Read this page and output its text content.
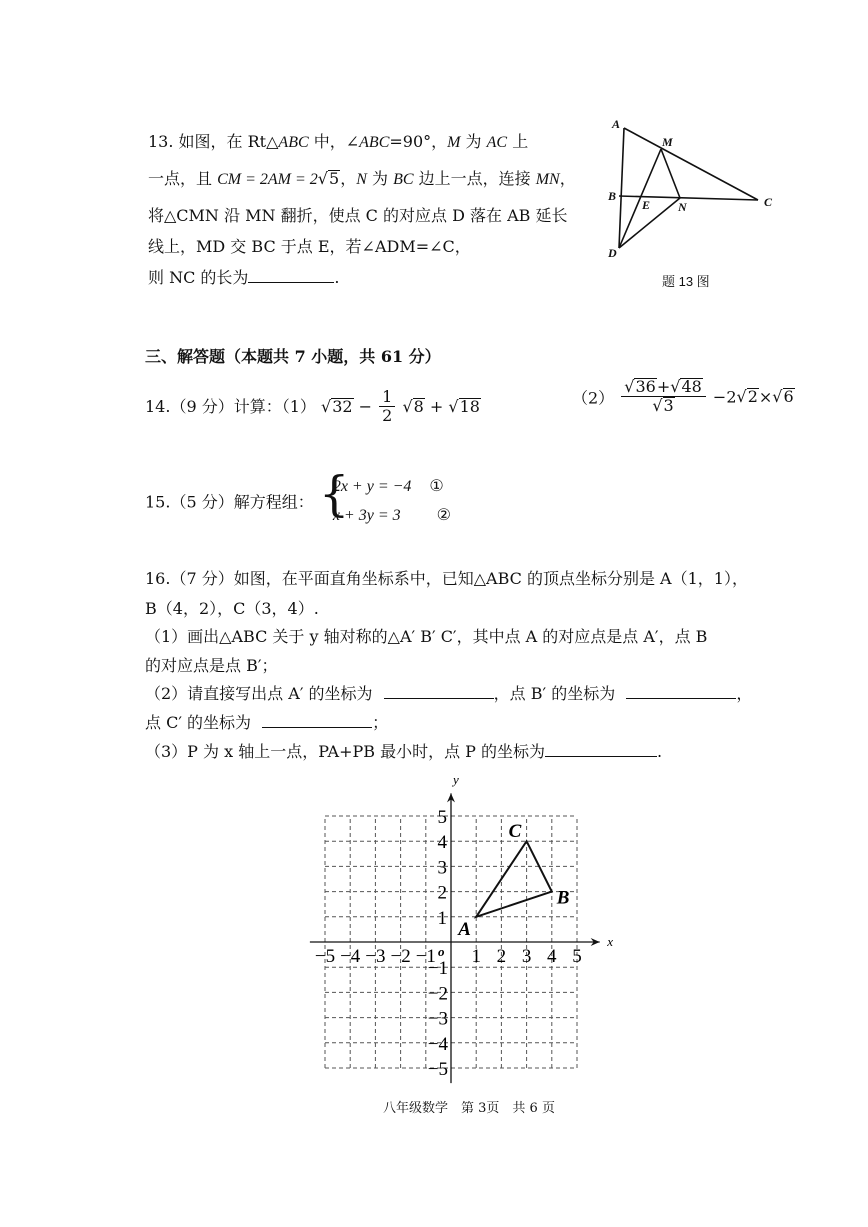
13. 如图，在 Rt△ABC 中，∠ABC=90°，M 为 AC 上
一点，且 CM = 2AM = 2√5，N 为 BC 边上一点，连接 MN，
将△CMN 沿 MN 翻折，使点 C 的对应点 D 落在 AB 延长
线上，MD 交 BC 于点 E，若∠ADM=∠C，
则 NC 的长为	.
A
M
B
E N	C
D
题 13 图
三、解答题（本题共 7 小题，共 61 分）
14.（9 分）计算：（1） $√32 - \frac{1}{2} √8 + √18$	$(2) \frac{√36+√48}{√3} -2√2\times√6$
15.（5 分）解方程组： {
2x + y = −4 ①
x + 3y = 3 ②
16.（7 分）如图，在平面直角坐标系中，已知△ABC 的顶点坐标分别是 A（1，1），
B（4，2），C（3，4）.
（1）画出△ABC 关于 y 轴对称的△A′ B′ C′，其中点 A 的对应点是点 A′，点 B
的对应点是点 B′；
（2）请直接写出点 A′ 的坐标为	，点 B′ 的坐标为	，
点 C′ 的坐标为	；
（3）P 为 x 轴上一点，PA+PB 最小时，点 P 的坐标为	.
x
y
o
−5 −4 −3 −2 −1 1 2 3 4 5
5
4
3
2
1
−1
−2
−3
−4
−5
A
B
C
八年级数学　第 3页　共 6 页
